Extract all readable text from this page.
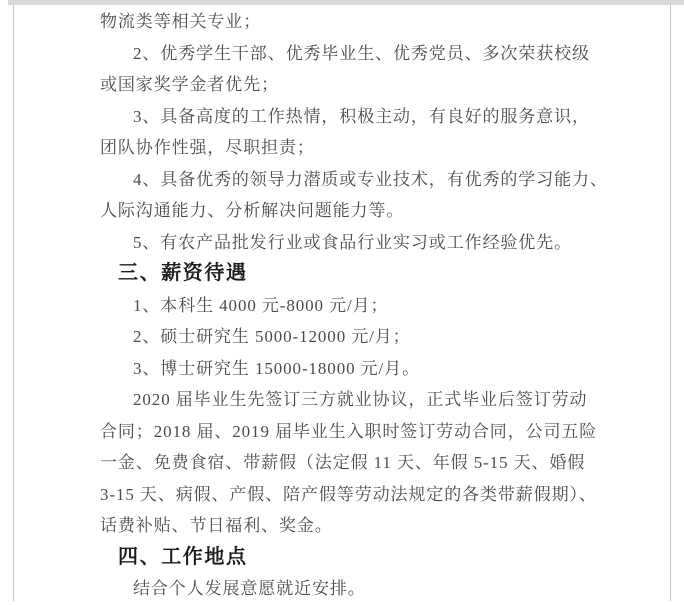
物流类等相关专业；
2、优秀学生干部、优秀毕业生、优秀党员、多次荣获校级
或国家奖学金者优先；
3、具备高度的工作热情，积极主动，有良好的服务意识，
团队协作性强，尽职担责；
4、具备优秀的领导力潜质或专业技术，有优秀的学习能力、
人际沟通能力、分析解决问题能力等。
5、有农产品批发行业或食品行业实习或工作经验优先。
三、薪资待遇
1、本科生 4000 元-8000 元/月；
2、硕士研究生 5000-12000 元/月；
3、博士研究生 15000-18000 元/月。
2020 届毕业生先签订三方就业协议，正式毕业后签订劳动
合同；2018 届、2019 届毕业生入职时签订劳动合同，公司五险
一金、免费食宿、带薪假（法定假 11 天、年假 5-15 天、婚假
3-15 天、病假、产假、陪产假等劳动法规定的各类带薪假期）、
话费补贴、节日福利、奖金。
四、工作地点
结合个人发展意愿就近安排。
